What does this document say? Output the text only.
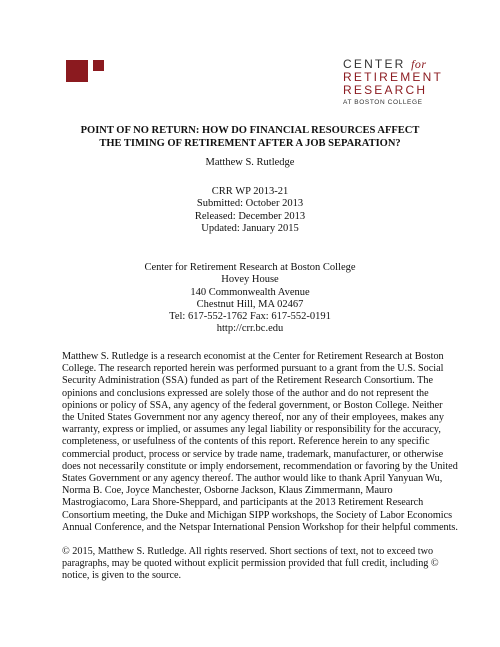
CENTER for
RETIREMENT
RESEARCH
AT BOSTON COLLEGE
POINT OF NO RETURN: HOW DO FINANCIAL RESOURCES AFFECT
THE TIMING OF RETIREMENT AFTER A JOB SEPARATION?
Matthew S. Rutledge
CRR WP 2013-21
Submitted: October 2013
Released: December 2013
Updated: January 2015
Center for Retirement Research at Boston College
Hovey House
140 Commonwealth Avenue
Chestnut Hill, MA 02467
Tel: 617-552-1762 Fax: 617-552-0191
http://crr.bc.edu
Matthew S. Rutledge is a research economist at the Center for Retirement Research at Boston
College. The research reported herein was performed pursuant to a grant from the U.S. Social
Security Administration (SSA) funded as part of the Retirement Research Consortium. The
opinions and conclusions expressed are solely those of the author and do not represent the
opinions or policy of SSA, any agency of the federal government, or Boston College. Neither
the United States Government nor any agency thereof, nor any of their employees, makes any
warranty, express or implied, or assumes any legal liability or responsibility for the accuracy,
completeness, or usefulness of the contents of this report. Reference herein to any specific
commercial product, process or service by trade name, trademark, manufacturer, or otherwise
does not necessarily constitute or imply endorsement, recommendation or favoring by the United
States Government or any agency thereof. The author would like to thank April Yanyuan Wu,
Norma B. Coe, Joyce Manchester, Osborne Jackson, Klaus Zimmermann, Mauro
Mastrogiacomo, Lara Shore-Sheppard, and participants at the 2013 Retirement Research
Consortium meeting, the Duke and Michigan SIPP workshops, the Society of Labor Economics
Annual Conference, and the Netspar International Pension Workshop for their helpful comments.
© 2015, Matthew S. Rutledge. All rights reserved. Short sections of text, not to exceed two
paragraphs, may be quoted without explicit permission provided that full credit, including ©
notice, is given to the source.
